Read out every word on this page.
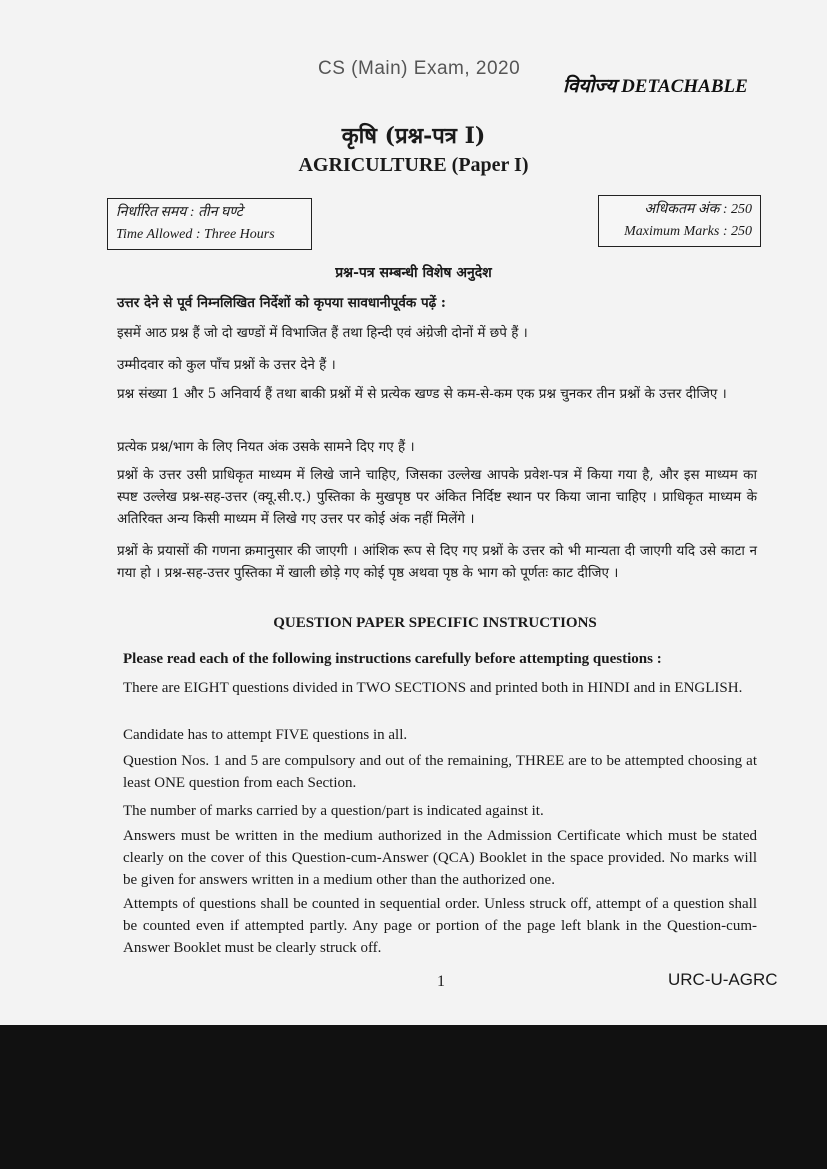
CS (Main) Exam, 2020
वियोज्य DETACHABLE
कृषि (प्रश्न-पत्र I)
AGRICULTURE (Paper I)
निर्धारित समय : तीन घण्टे
Time Allowed : Three Hours
अधिकतम अंक : 250
Maximum Marks : 250
प्रश्न-पत्र सम्बन्धी विशेष अनुदेश
उत्तर देने से पूर्व निम्नलिखित निर्देशों को कृपया सावधानीपूर्वक पढ़ें :
इसमें आठ प्रश्न हैं जो दो खण्डों में विभाजित हैं तथा हिन्दी एवं अंग्रेजी दोनों में छपे हैं ।
उम्मीदवार को कुल पाँच प्रश्नों के उत्तर देने हैं ।
प्रश्न संख्या 1 और 5 अनिवार्य हैं तथा बाकी प्रश्नों में से प्रत्येक खण्ड से कम-से-कम एक प्रश्न चुनकर तीन प्रश्नों के उत्तर दीजिए ।
प्रत्येक प्रश्न/भाग के लिए नियत अंक उसके सामने दिए गए हैं ।
प्रश्नों के उत्तर उसी प्राधिकृत माध्यम में लिखे जाने चाहिए, जिसका उल्लेख आपके प्रवेश-पत्र में किया गया है, और इस माध्यम का स्पष्ट उल्लेख प्रश्न-सह-उत्तर (क्यू.सी.ए.) पुस्तिका के मुखपृष्ठ पर अंकित निर्दिष्ट स्थान पर किया जाना चाहिए । प्राधिकृत माध्यम के अतिरिक्त अन्य किसी माध्यम में लिखे गए उत्तर पर कोई अंक नहीं मिलेंगे ।
प्रश्नों के प्रयासों की गणना क्रमानुसार की जाएगी । आंशिक रूप से दिए गए प्रश्नों के उत्तर को भी मान्यता दी जाएगी यदि उसे काटा न गया हो । प्रश्न-सह-उत्तर पुस्तिका में खाली छोड़े गए कोई पृष्ठ अथवा पृष्ठ के भाग को पूर्णतः काट दीजिए ।
QUESTION PAPER SPECIFIC INSTRUCTIONS
Please read each of the following instructions carefully before attempting questions :
There are EIGHT questions divided in TWO SECTIONS and printed both in HINDI and in ENGLISH.
Candidate has to attempt FIVE questions in all.
Question Nos. 1 and 5 are compulsory and out of the remaining, THREE are to be attempted choosing at least ONE question from each Section.
The number of marks carried by a question/part is indicated against it.
Answers must be written in the medium authorized in the Admission Certificate which must be stated clearly on the cover of this Question-cum-Answer (QCA) Booklet in the space provided. No marks will be given for answers written in a medium other than the authorized one.
Attempts of questions shall be counted in sequential order. Unless struck off, attempt of a question shall be counted even if attempted partly. Any page or portion of the page left blank in the Question-cum-Answer Booklet must be clearly struck off.
1	URC-U-AGRC
